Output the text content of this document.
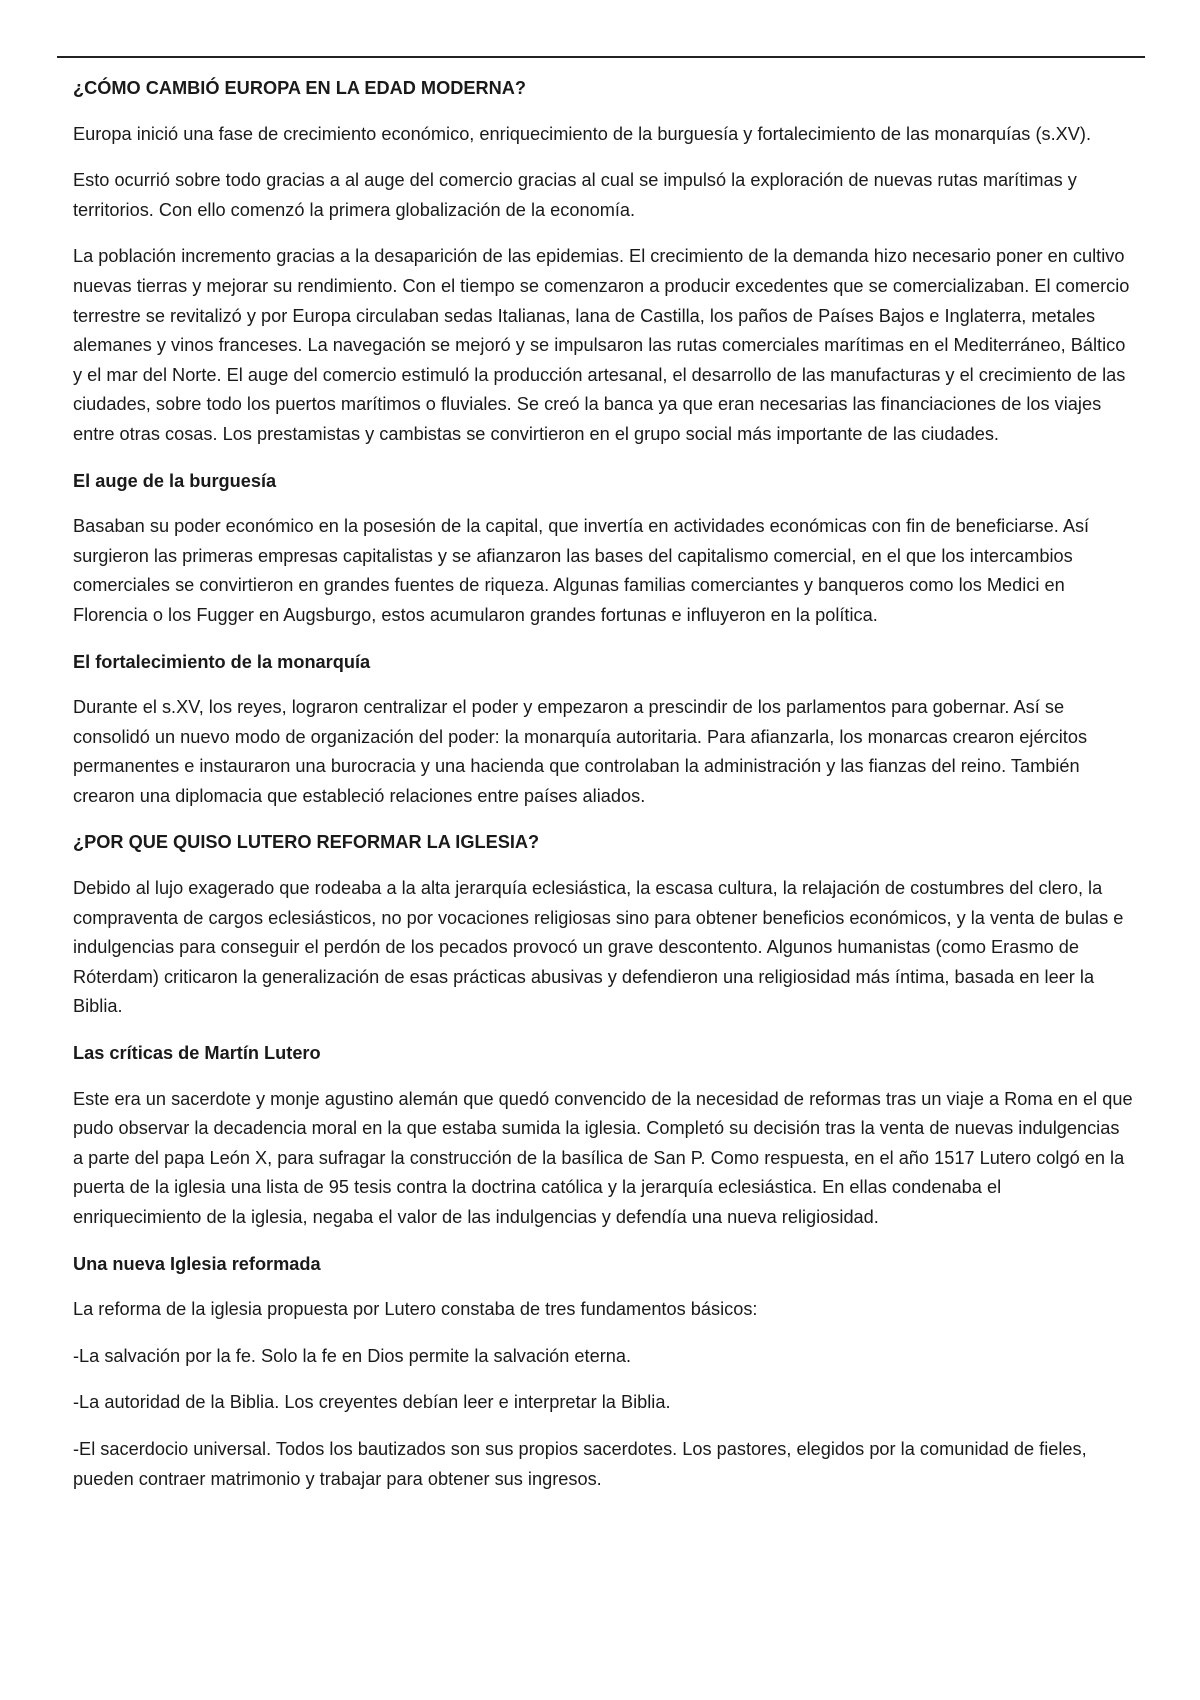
¿CÓMO CAMBIÓ EUROPA EN LA EDAD MODERNA?

Europa inició una fase de crecimiento económico, enriquecimiento de la burguesía y fortalecimiento de las monarquías (s.XV).

Esto ocurrió sobre todo gracias a al auge del comercio gracias al cual se impulsó la exploración de nuevas rutas marítimas y territorios. Con ello comenzó la primera globalización de la economía.

La población incremento gracias a la desaparición de las epidemias. El crecimiento de la demanda hizo necesario poner en cultivo nuevas tierras y mejorar su rendimiento. Con el tiempo se comenzaron a producir excedentes que se comercializaban. El comercio terrestre se revitalizó y por Europa circulaban sedas Italianas, lana de Castilla, los paños de Países Bajos e Inglaterra, metales alemanes y vinos franceses. La navegación se mejoró y se impulsaron las rutas comerciales marítimas en el Mediterráneo, Báltico y el mar del Norte. El auge del comercio estimuló la producción artesanal, el desarrollo de las manufacturas y el crecimiento de las ciudades, sobre todo los puertos marítimos o fluviales. Se creó la banca ya que eran necesarias las financiaciones de los viajes entre otras cosas. Los prestamistas y cambistas se convirtieron en el grupo social más importante de las ciudades.

El auge de la burguesía

Basaban su poder económico en la posesión de la capital, que invertía en actividades económicas con fin de beneficiarse. Así surgieron las primeras empresas capitalistas y se afianzaron las bases del capitalismo comercial, en el que los intercambios comerciales se convirtieron en grandes fuentes de riqueza. Algunas familias comerciantes y banqueros como los Medici en Florencia o los Fugger en Augsburgo, estos acumularon grandes fortunas e influyeron en la política.

El fortalecimiento de la monarquía

Durante el s.XV, los reyes, lograron centralizar el poder y empezaron a prescindir de los parlamentos para gobernar. Así se consolidó un nuevo modo de organización del poder: la monarquía autoritaria. Para afianzarla, los monarcas crearon ejércitos permanentes e instauraron una burocracia y una hacienda que controlaban la administración y las fianzas del reino. También crearon una diplomacia que estableció relaciones entre países aliados.

¿POR QUE QUISO LUTERO REFORMAR LA IGLESIA?

Debido al lujo exagerado que rodeaba a la alta jerarquía eclesiástica, la escasa cultura, la relajación de costumbres del clero, la compraventa de cargos eclesiásticos, no por vocaciones religiosas sino para obtener beneficios económicos, y la venta de bulas e indulgencias para conseguir el perdón de los pecados provocó un grave descontento. Algunos humanistas (como Erasmo de Róterdam) criticaron la generalización de esas prácticas abusivas y defendieron una religiosidad más íntima, basada en leer la Biblia.

Las críticas de Martín Lutero

Este era un sacerdote y monje agustino alemán que quedó convencido de la necesidad de reformas tras un viaje a Roma en el que pudo observar la decadencia moral en la que estaba sumida la iglesia. Completó su decisión tras la venta de nuevas indulgencias a parte del papa León X, para sufragar la construcción de la basílica de San P. Como respuesta, en el año 1517 Lutero colgó en la puerta de la iglesia una lista de 95 tesis contra la doctrina católica y la jerarquía eclesiástica. En ellas condenaba el enriquecimiento de la iglesia, negaba el valor de las indulgencias y defendía una nueva religiosidad.

Una nueva Iglesia reformada

La reforma de la iglesia propuesta por Lutero constaba de tres fundamentos básicos:

-La salvación por la fe. Solo la fe en Dios permite la salvación eterna.

-La autoridad de la Biblia. Los creyentes debían leer e interpretar la Biblia.

-El sacerdocio universal. Todos los bautizados son sus propios sacerdotes. Los pastores, elegidos por la comunidad de fieles, pueden contraer matrimonio y trabajar para obtener sus ingresos.
